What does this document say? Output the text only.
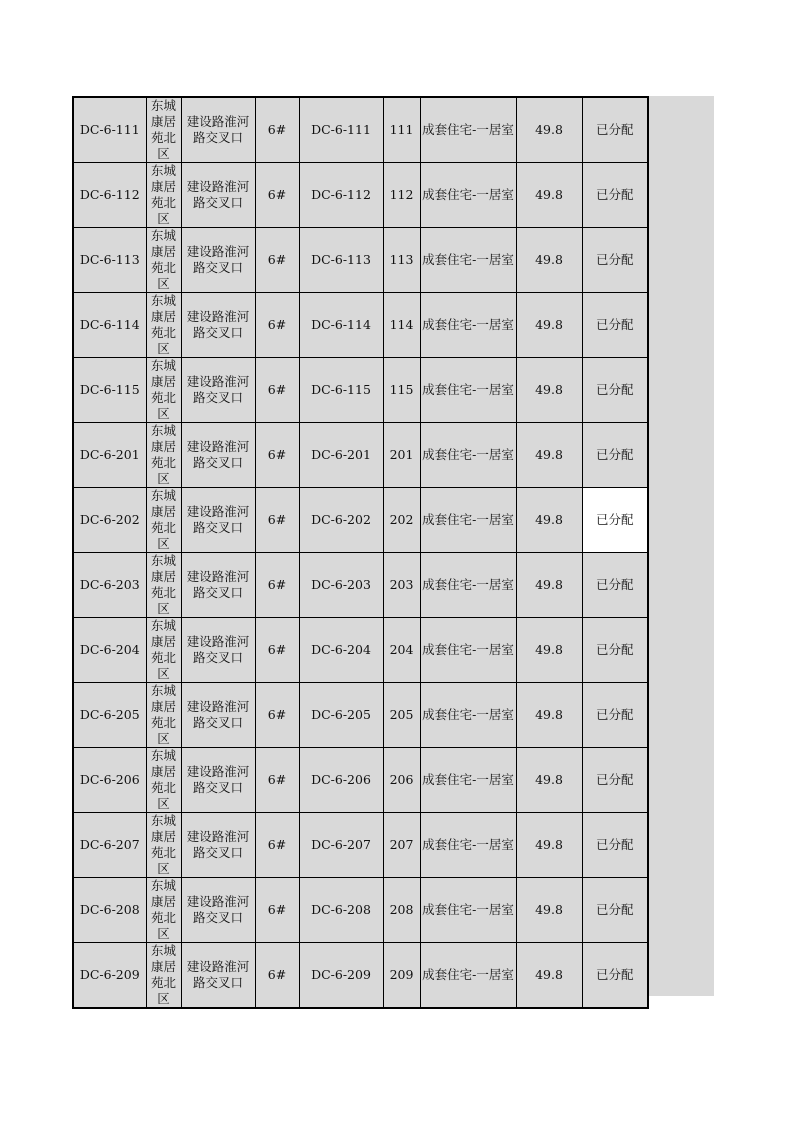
DC-6-111	东城康居苑北区	建设路淮河路交叉口	6#	DC-6-111	111	成套住宅-一居室	49.8	已分配
DC-6-112	东城康居苑北区	建设路淮河路交叉口	6#	DC-6-112	112	成套住宅-一居室	49.8	已分配
DC-6-113	东城康居苑北区	建设路淮河路交叉口	6#	DC-6-113	113	成套住宅-一居室	49.8	已分配
DC-6-114	东城康居苑北区	建设路淮河路交叉口	6#	DC-6-114	114	成套住宅-一居室	49.8	已分配
DC-6-115	东城康居苑北区	建设路淮河路交叉口	6#	DC-6-115	115	成套住宅-一居室	49.8	已分配
DC-6-201	东城康居苑北区	建设路淮河路交叉口	6#	DC-6-201	201	成套住宅-一居室	49.8	已分配
DC-6-202	东城康居苑北区	建设路淮河路交叉口	6#	DC-6-202	202	成套住宅-一居室	49.8	已分配
DC-6-203	东城康居苑北区	建设路淮河路交叉口	6#	DC-6-203	203	成套住宅-一居室	49.8	已分配
DC-6-204	东城康居苑北区	建设路淮河路交叉口	6#	DC-6-204	204	成套住宅-一居室	49.8	已分配
DC-6-205	东城康居苑北区	建设路淮河路交叉口	6#	DC-6-205	205	成套住宅-一居室	49.8	已分配
DC-6-206	东城康居苑北区	建设路淮河路交叉口	6#	DC-6-206	206	成套住宅-一居室	49.8	已分配
DC-6-207	东城康居苑北区	建设路淮河路交叉口	6#	DC-6-207	207	成套住宅-一居室	49.8	已分配
DC-6-208	东城康居苑北区	建设路淮河路交叉口	6#	DC-6-208	208	成套住宅-一居室	49.8	已分配
DC-6-209	东城康居苑北区	建设路淮河路交叉口	6#	DC-6-209	209	成套住宅-一居室	49.8	已分配
